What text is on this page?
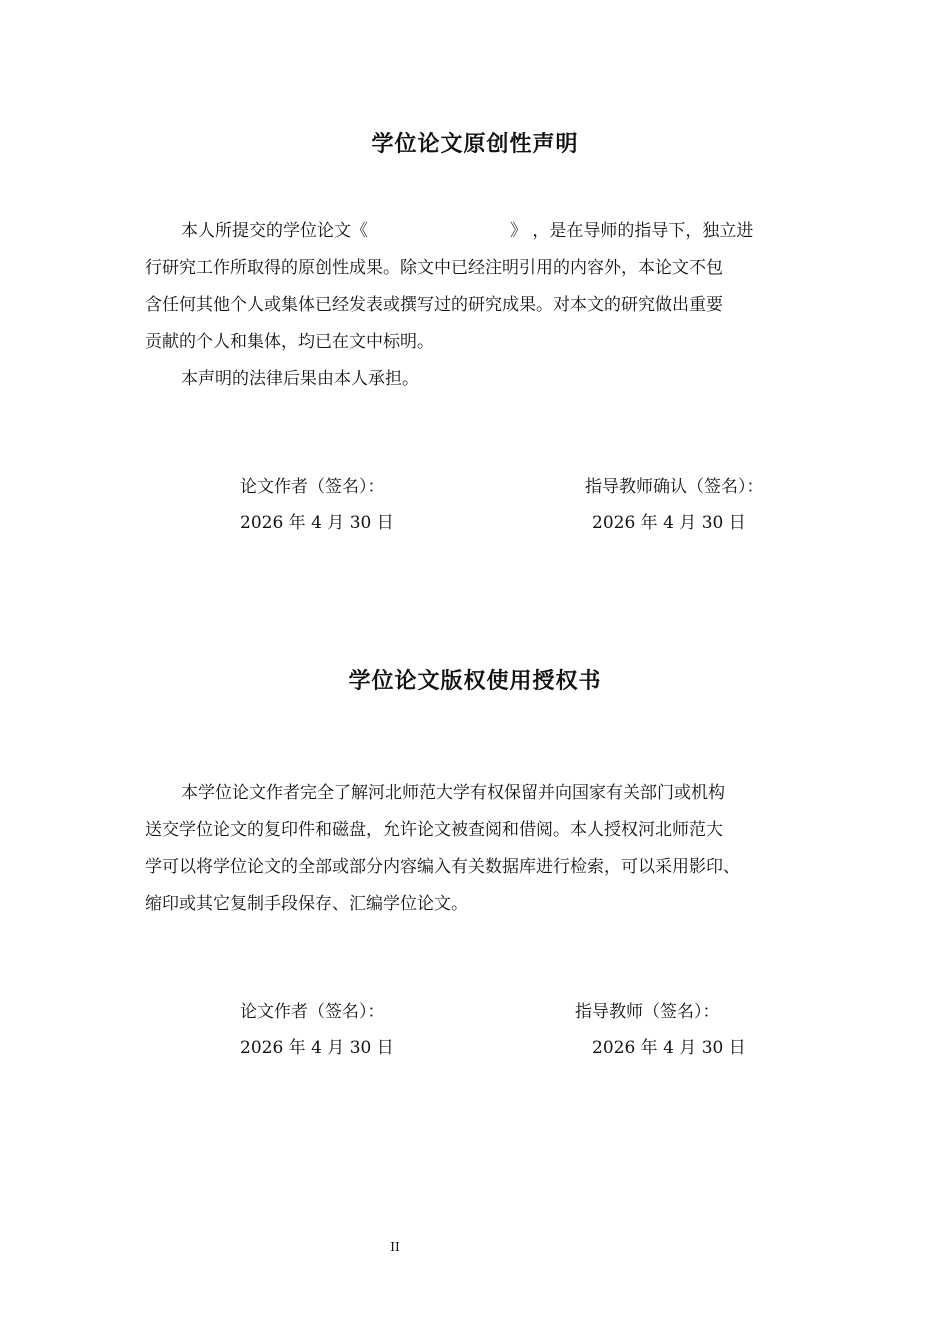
学位论文原创性声明
本人所提交的学位论文《	》 ，是在导师的指导下，独立进
行研究工作所取得的原创性成果。除文中已经注明引用的内容外，本论文不包
含任何其他个人或集体已经发表或撰写过的研究成果。对本文的研究做出重要
贡献的个人和集体，均已在文中标明。
本声明的法律后果由本人承担。
论文作者（签名）：	指导教师确认（签名）：
2026 年 4 月 30 日	2026 年 4 月 30 日
学位论文版权使用授权书
本学位论文作者完全了解河北师范大学有权保留并向国家有关部门或机构
送交学位论文的复印件和磁盘，允许论文被查阅和借阅。本人授权河北师范大
学可以将学位论文的全部或部分内容编入有关数据库进行检索，可以采用影印、
缩印或其它复制手段保存、汇编学位论文。
论文作者（签名）：	指导教师（签名）：
2026 年 4 月 30 日	2026 年 4 月 30 日
II
